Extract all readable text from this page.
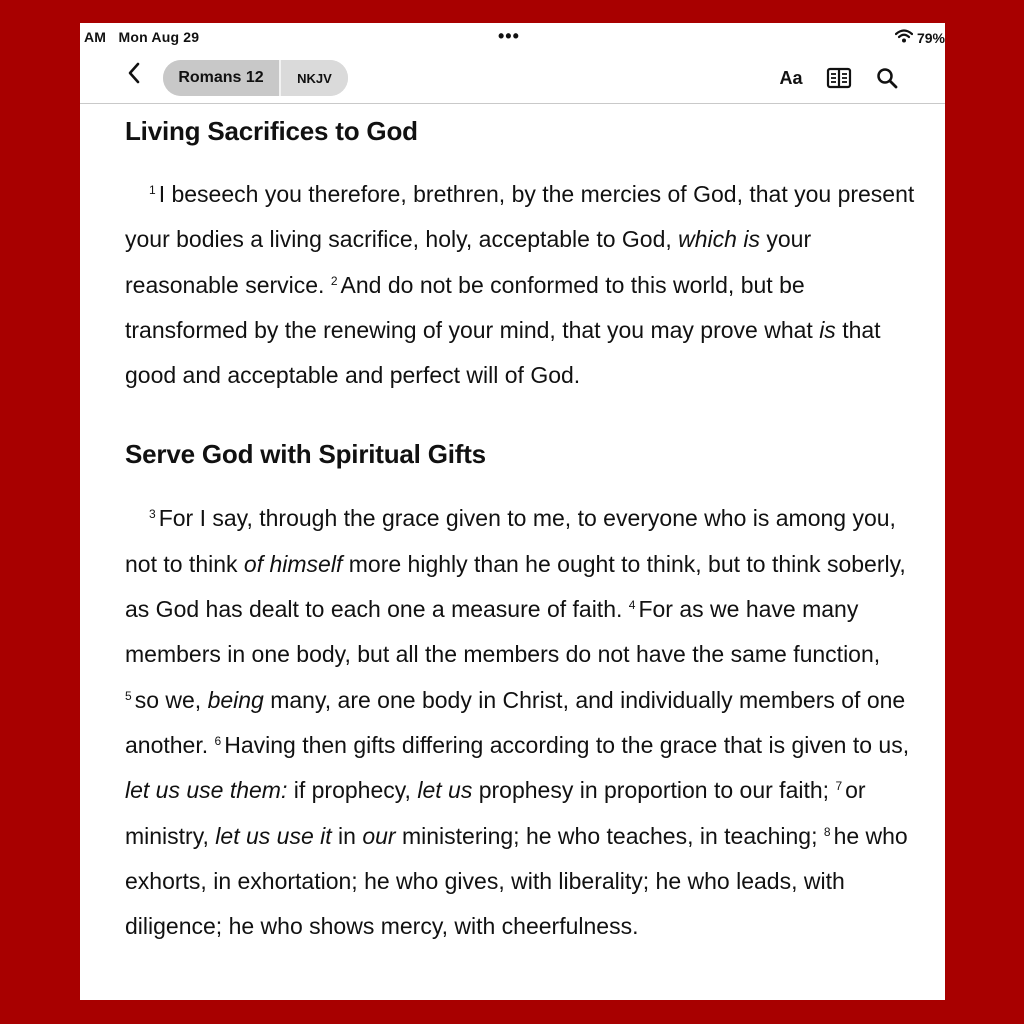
AM Mon Aug 29	•••	79%
Romans 12	NKJV	Aa
Living Sacrifices to God

$^1$ I beseech you therefore, brethren, by the mercies of God, that you present your bodies a living sacrifice, holy, acceptable to God, which is your reasonable service. $^2$ And do not be conformed to this world, but be transformed by the renewing of your mind, that you may prove what is that good and acceptable and perfect will of God.

Serve God with Spiritual Gifts

$^3$ For I say, through the grace given to me, to everyone who is among you, not to think of himself more highly than he ought to think, but to think soberly, as God has dealt to each one a measure of faith. $^4$ For as we have many members in one body, but all the members do not have the same function, $^5$ so we, being many, are one body in Christ, and individually members of one another. $^6$ Having then gifts differing according to the grace that is given to us, let us use them: if prophecy, let us prophesy in proportion to our faith; $^7$ or ministry, let us use it in our ministering; he who teaches, in teaching; $^8$ he who exhorts, in exhortation; he who gives, with liberality; he who leads, with diligence; he who shows mercy, with cheerfulness.
